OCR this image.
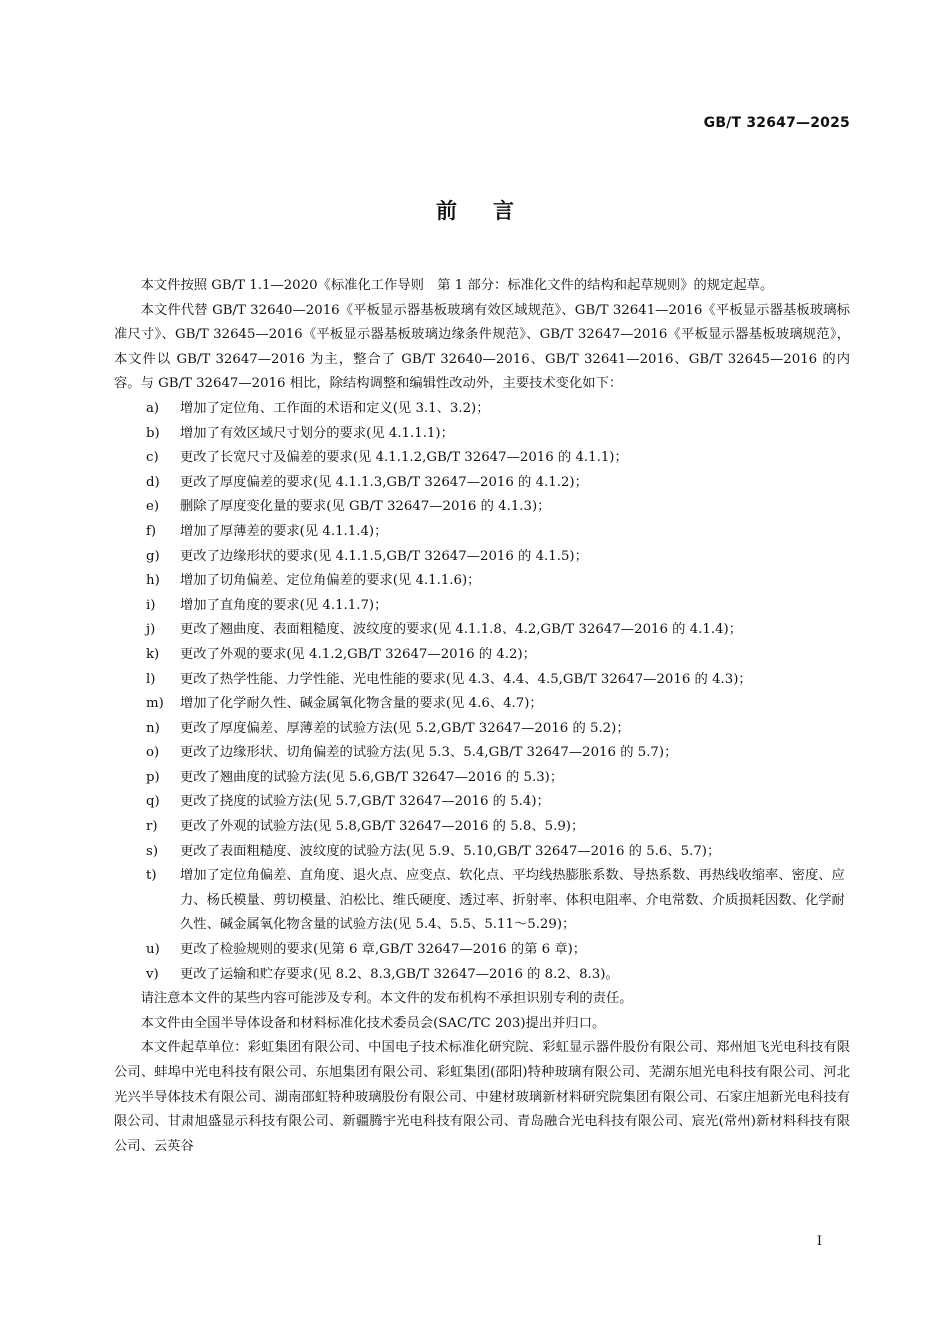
GB/T 32647—2025
前言

本文件按照 GB/T 1.1—2020《标准化工作导则　第 1 部分：标准化文件的结构和起草规则》的规定起草。

本文件代替 GB/T 32640—2016《平板显示器基板玻璃有效区域规范》、GB/T 32641—2016《平板显示器基板玻璃标准尺寸》、GB/T 32645—2016《平板显示器基板玻璃边缘条件规范》、GB/T 32647—2016《平板显示器基板玻璃规范》，本文件以 GB/T 32647—2016 为主，整合了 GB/T 32640—2016、GB/T 32641—2016、GB/T 32645—2016 的内容。与 GB/T 32647—2016 相比，除结构调整和编辑性改动外，主要技术变化如下：

a)	增加了定位角、工作面的术语和定义(见 3.1、3.2)；
b)	增加了有效区域尺寸划分的要求(见 4.1.1.1)；
c)	更改了长宽尺寸及偏差的要求(见 4.1.1.2,GB/T 32647—2016 的 4.1.1)；
d)	更改了厚度偏差的要求(见 4.1.1.3,GB/T 32647—2016 的 4.1.2)；
e)	删除了厚度变化量的要求(见 GB/T 32647—2016 的 4.1.3)；
f)	增加了厚薄差的要求(见 4.1.1.4)；
g)	更改了边缘形状的要求(见 4.1.1.5,GB/T 32647—2016 的 4.1.5)；
h)	增加了切角偏差、定位角偏差的要求(见 4.1.1.6)；
i)	增加了直角度的要求(见 4.1.1.7)；
j)	更改了翘曲度、表面粗糙度、波纹度的要求(见 4.1.1.8、4.2,GB/T 32647—2016 的 4.1.4)；
k)	更改了外观的要求(见 4.1.2,GB/T 32647—2016 的 4.2)；
l)	更改了热学性能、力学性能、光电性能的要求(见 4.3、4.4、4.5,GB/T 32647—2016 的 4.3)；
m)	增加了化学耐久性、碱金属氧化物含量的要求(见 4.6、4.7)；
n)	更改了厚度偏差、厚薄差的试验方法(见 5.2,GB/T 32647—2016 的 5.2)；
o)	更改了边缘形状、切角偏差的试验方法(见 5.3、5.4,GB/T 32647—2016 的 5.7)；
p)	更改了翘曲度的试验方法(见 5.6,GB/T 32647—2016 的 5.3)；
q)	更改了挠度的试验方法(见 5.7,GB/T 32647—2016 的 5.4)；
r)	更改了外观的试验方法(见 5.8,GB/T 32647—2016 的 5.8、5.9)；
s)	更改了表面粗糙度、波纹度的试验方法(见 5.9、5.10,GB/T 32647—2016 的 5.6、5.7)；
t)	增加了定位角偏差、直角度、退火点、应变点、软化点、平均线热膨胀系数、导热系数、再热线收缩率、密度、应力、杨氏模量、剪切模量、泊松比、维氏硬度、透过率、折射率、体积电阻率、介电常数、介质损耗因数、化学耐久性、碱金属氧化物含量的试验方法(见 5.4、5.5、5.11～5.29)；
u)	更改了检验规则的要求(见第 6 章,GB/T 32647—2016 的第 6 章)；
v)	更改了运输和贮存要求(见 8.2、8.3,GB/T 32647—2016 的 8.2、8.3)。

请注意本文件的某些内容可能涉及专利。本文件的发布机构不承担识别专利的责任。

本文件由全国半导体设备和材料标准化技术委员会(SAC/TC 203)提出并归口。

本文件起草单位：彩虹集团有限公司、中国电子技术标准化研究院、彩虹显示器件股份有限公司、郑州旭飞光电科技有限公司、蚌埠中光电科技有限公司、东旭集团有限公司、彩虹集团(邵阳)特种玻璃有限公司、芜湖东旭光电科技有限公司、河北光兴半导体技术有限公司、湖南邵虹特种玻璃股份有限公司、中建材玻璃新材料研究院集团有限公司、石家庄旭新光电科技有限公司、甘肃旭盛显示科技有限公司、新疆腾宇光电科技有限公司、青岛融合光电科技有限公司、宸光(常州)新材料科技有限公司、云英谷

I
